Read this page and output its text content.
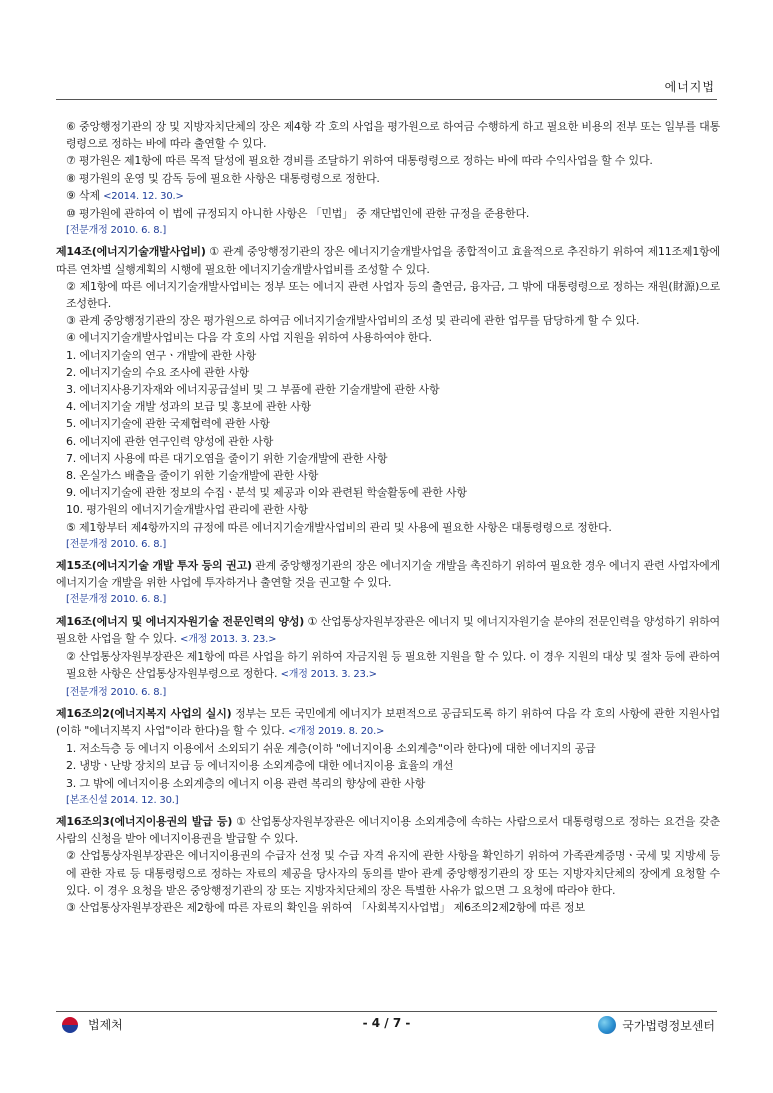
에너지법

⑥ 중앙행정기관의 장 및 지방자치단체의 장은 제4항 각 호의 사업을 평가원으로 하여금 수행하게 하고 필요한 비용의 전부 또는 일부를 대통령령으로 정하는 바에 따라 출연할 수 있다.

⑦ 평가원은 제1항에 따른 목적 달성에 필요한 경비를 조달하기 위하여 대통령령으로 정하는 바에 따라 수익사업을 할 수 있다.

⑧ 평가원의 운영 및 감독 등에 필요한 사항은 대통령령으로 정한다.

⑨ 삭제 <2014. 12. 30.>

⑩ 평가원에 관하여 이 법에 규정되지 아니한 사항은 「민법」 중 재단법인에 관한 규정을 준용한다.

[전문개정 2010. 6. 8.]

제14조(에너지기술개발사업비) ① 관계 중앙행정기관의 장은 에너지기술개발사업을 종합적이고 효율적으로 추진하기 위하여 제11조제1항에 따른 연차별 실행계획의 시행에 필요한 에너지기술개발사업비를 조성할 수 있다.

② 제1항에 따른 에너지기술개발사업비는 정부 또는 에너지 관련 사업자 등의 출연금, 융자금, 그 밖에 대통령령으로 정하는 재원(財源)으로 조성한다.

③ 관계 중앙행정기관의 장은 평가원으로 하여금 에너지기술개발사업비의 조성 및 관리에 관한 업무를 담당하게 할 수 있다.

④ 에너지기술개발사업비는 다음 각 호의 사업 지원을 위하여 사용하여야 한다.

1. 에너지기술의 연구ㆍ개발에 관한 사항

2. 에너지기술의 수요 조사에 관한 사항

3. 에너지사용기자재와 에너지공급설비 및 그 부품에 관한 기술개발에 관한 사항

4. 에너지기술 개발 성과의 보급 및 홍보에 관한 사항

5. 에너지기술에 관한 국제협력에 관한 사항

6. 에너지에 관한 연구인력 양성에 관한 사항

7. 에너지 사용에 따른 대기오염을 줄이기 위한 기술개발에 관한 사항

8. 온실가스 배출을 줄이기 위한 기술개발에 관한 사항

9. 에너지기술에 관한 정보의 수집ㆍ분석 및 제공과 이와 관련된 학술활동에 관한 사항

10. 평가원의 에너지기술개발사업 관리에 관한 사항

⑤ 제1항부터 제4항까지의 규정에 따른 에너지기술개발사업비의 관리 및 사용에 필요한 사항은 대통령령으로 정한다.

[전문개정 2010. 6. 8.]

제15조(에너지기술 개발 투자 등의 권고) 관계 중앙행정기관의 장은 에너지기술 개발을 촉진하기 위하여 필요한 경우 에너지 관련 사업자에게 에너지기술 개발을 위한 사업에 투자하거나 출연할 것을 권고할 수 있다.

[전문개정 2010. 6. 8.]

제16조(에너지 및 에너지자원기술 전문인력의 양성) ① 산업통상자원부장관은 에너지 및 에너지자원기술 분야의 전문인력을 양성하기 위하여 필요한 사업을 할 수 있다. <개정 2013. 3. 23.>

② 산업통상자원부장관은 제1항에 따른 사업을 하기 위하여 자금지원 등 필요한 지원을 할 수 있다. 이 경우 지원의 대상 및 절차 등에 관하여 필요한 사항은 산업통상자원부령으로 정한다. <개정 2013. 3. 23.>

[전문개정 2010. 6. 8.]

제16조의2(에너지복지 사업의 실시) 정부는 모든 국민에게 에너지가 보편적으로 공급되도록 하기 위하여 다음 각 호의 사항에 관한 지원사업(이하 "에너지복지 사업"이라 한다)을 할 수 있다. <개정 2019. 8. 20.>

1. 저소득층 등 에너지 이용에서 소외되기 쉬운 계층(이하 "에너지이용 소외계층"이라 한다)에 대한 에너지의 공급

2. 냉방ㆍ난방 장치의 보급 등 에너지이용 소외계층에 대한 에너지이용 효율의 개선

3. 그 밖에 에너지이용 소외계층의 에너지 이용 관련 복리의 향상에 관한 사항

[본조신설 2014. 12. 30.]

제16조의3(에너지이용권의 발급 등) ① 산업통상자원부장관은 에너지이용 소외계층에 속하는 사람으로서 대통령령으로 정하는 요건을 갖춘 사람의 신청을 받아 에너지이용권을 발급할 수 있다.

② 산업통상자원부장관은 에너지이용권의 수급자 선정 및 수급 자격 유지에 관한 사항을 확인하기 위하여 가족관계증명ㆍ국세 및 지방세 등에 관한 자료 등 대통령령으로 정하는 자료의 제공을 당사자의 동의를 받아 관계 중앙행정기관의 장 또는 지방자치단체의 장에게 요청할 수 있다. 이 경우 요청을 받은 중앙행정기관의 장 또는 지방자치단체의 장은 특별한 사유가 없으면 그 요청에 따라야 한다.

③ 산업통상자원부장관은 제2항에 따른 자료의 확인을 위하여 「사회복지사업법」 제6조의2제2항에 따른 정보

법제처	- 4 / 7 -	국가법령정보센터
